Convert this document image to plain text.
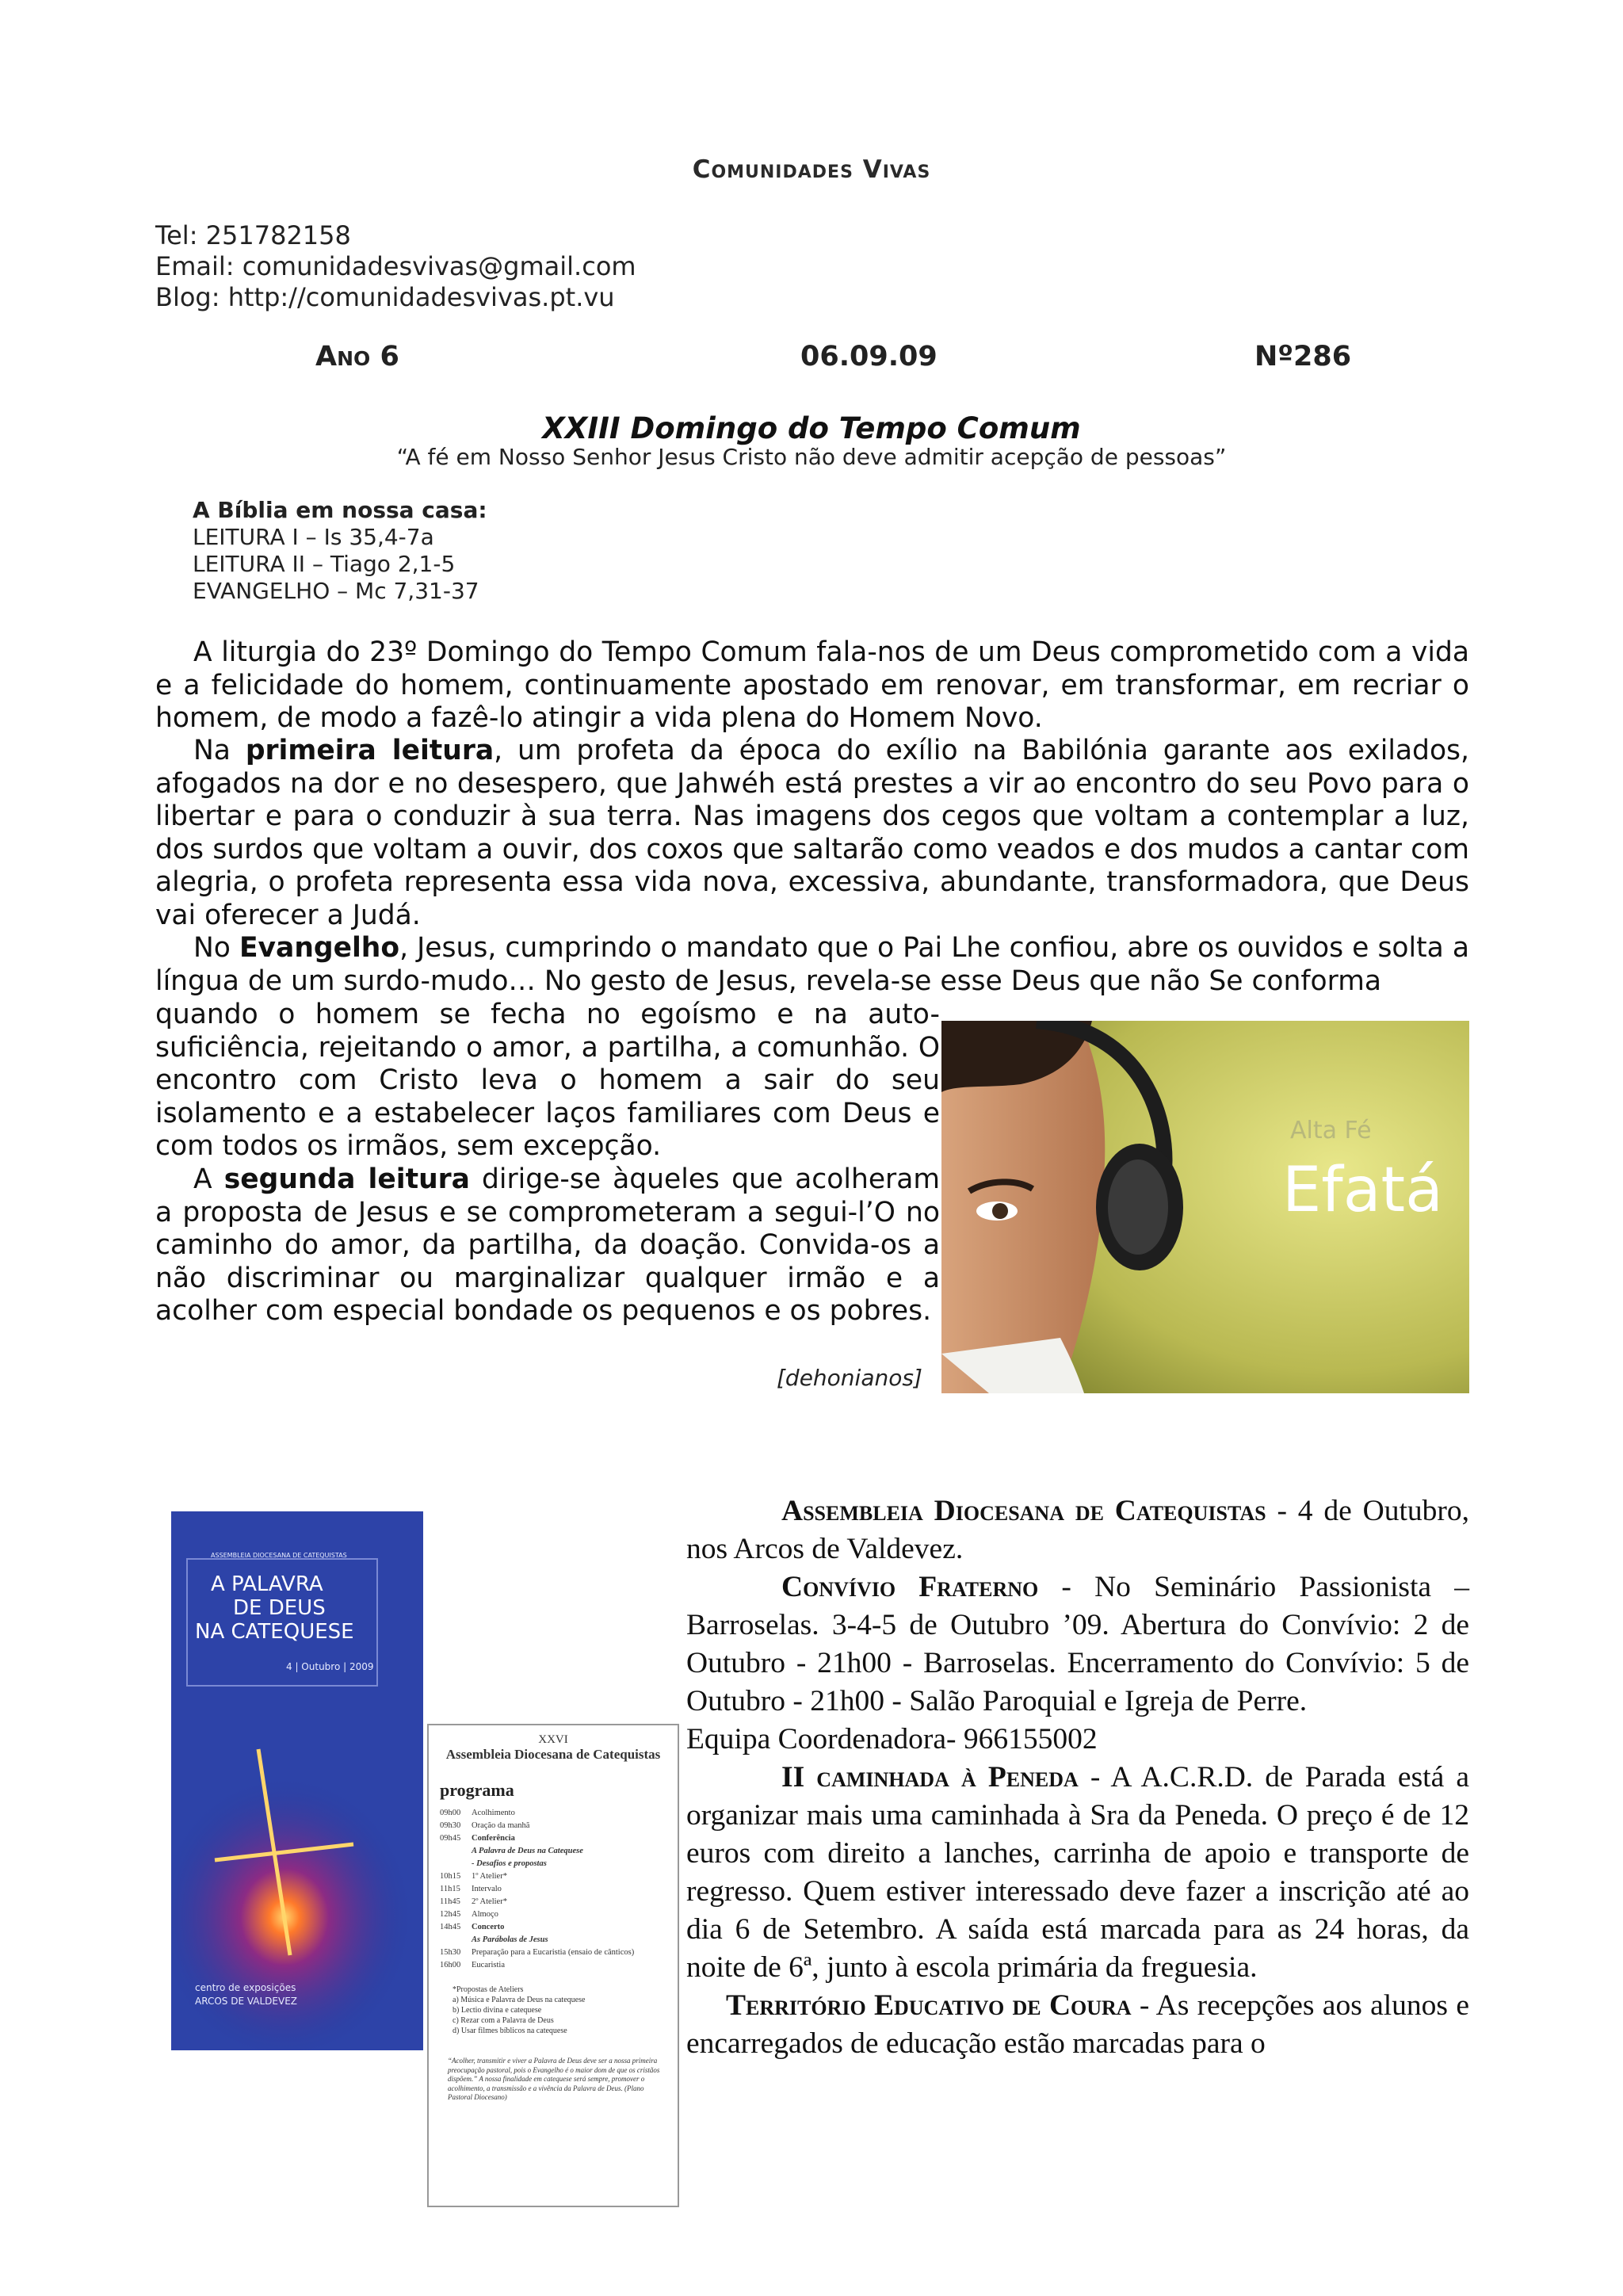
Comunidades Vivas
Tel: 251782158
Email: comunidadesvivas@gmail.com
Blog: http://comunidadesvivas.pt.vu
Ano 6	06.09.09	Nº286
XXIII Domingo do Tempo Comum
“A fé em Nosso Senhor Jesus Cristo não deve admitir acepção de pessoas”
A Bíblia em nossa casa:
LEITURA I – Is 35,4-7a
LEITURA II – Tiago 2,1-5
EVANGELHO – Mc 7,31-37
A liturgia do 23º Domingo do Tempo Comum fala-nos de um Deus comprometido com a vida e a felicidade do homem, continuamente apostado em renovar, em transformar, em recriar o homem, de modo a fazê-lo atingir a vida plena do Homem Novo.
Na primeira leitura, um profeta da época do exílio na Babilónia garante aos exilados, afogados na dor e no desespero, que Jahwéh está prestes a vir ao encontro do seu Povo para o libertar e para o conduzir à sua terra. Nas imagens dos cegos que voltam a contemplar a luz, dos surdos que voltam a ouvir, dos coxos que saltarão como veados e dos mudos a cantar com alegria, o profeta representa essa vida nova, excessiva, abundante, transformadora, que Deus vai oferecer a Judá.
No Evangelho, Jesus, cumprindo o mandato que o Pai Lhe confiou, abre os ouvidos e solta a língua de um surdo-mudo… No gesto de Jesus, revela-se esse Deus que não Se conforma
quando o homem se fecha no egoísmo e na auto-suficiência, rejeitando o amor, a partilha, a comunhão. O encontro com Cristo leva o homem a sair do seu isolamento e a estabelecer laços familiares com Deus e com todos os irmãos, sem excepção.
A segunda leitura dirige-se àqueles que acolheram a proposta de Jesus e se comprometeram a segui-l’O no caminho do amor, da partilha, da doação. Convida-os a não discriminar ou marginalizar qualquer irmão e a acolher com especial bondade os pequenos e os pobres.
[dehonianos]
Alta Fé
Efatá
ASSEMBLEIA DIOCESANA DE CATEQUISTAS
A PALAVRA
DE DEUS
NA CATEQUESE
4 | Outubro | 2009
centro de exposições
ARCOS DE VALDEVEZ
XXVI
Assembleia Diocesana de Catequistas
programa
09h00 Acolhimento
09h30 Oração da manhã
09h45 Conferência
A Palavra de Deus na Catequese
- Desafios e propostas
10h15 1º Atelier*
11h15 Intervalo
11h45 2º Atelier*
12h45 Almoço
14h45 Concerto
As Parábolas de Jesus
15h30 Preparação para a Eucaristia (ensaio de cânticos)
16h00 Eucaristia
*Propostas de Ateliers
a) Música e Palavra de Deus na catequese
b) Lectio divina e catequese
c) Rezar com a Palavra de Deus
d) Usar filmes bíblicos na catequese
“Acolher, transmitir e viver a Palavra de Deus deve ser a nossa primeira preocupação pastoral, pois o Evangelho é o maior dom de que os cristãos dispõem.” A nossa finalidade em catequese será sempre, promover o acolhimento, a transmissão e a vivência da Palavra de Deus. (Plano Pastoral Diocesano)

Assembleia Diocesana de Catequistas - 4 de Outubro, nos Arcos de Valdevez.

Convívio Fraterno - No Seminário Passionista – Barroselas. 3-4-5 de Outubro ’09. Abertura do Convívio: 2 de Outubro - 21h00 - Barroselas. Encerramento do Convívio: 5 de Outubro - 21h00 - Salão Paroquial e Igreja de Perre.

Equipa Coordenadora- 966155002

II caminhada à Peneda - A A.C.R.D. de Parada está a organizar mais uma caminhada à Sra da Peneda. O preço é de 12 euros com direito a lanches, carrinha de apoio e transporte de regresso. Quem estiver interessado deve fazer a inscrição até ao dia 6 de Setembro. A saída está marcada para as 24 horas, da noite de 6ª, junto à escola primária da freguesia.

Território Educativo de Coura - As recepções aos alunos e encarregados de educação estão marcadas para o
